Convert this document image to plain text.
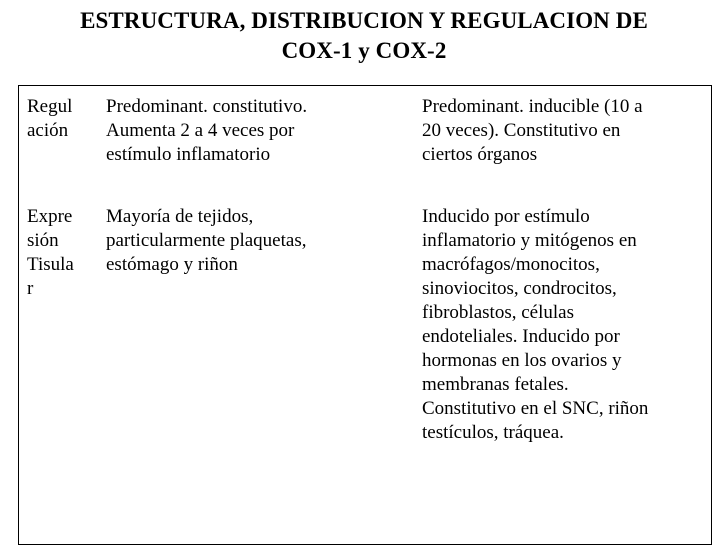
ESTRUCTURA, DISTRIBUCION Y REGULACION DE
COX-1 y COX-2
Regul
ación
Predominant. constitutivo.
Aumenta 2 a 4 veces por
estímulo inflamatorio
Predominant. inducible (10 a
20 veces). Constitutivo en
ciertos órganos
Expre
sión
Tisula
r
Mayoría de tejidos,
particularmente plaquetas,
estómago y riñon
Inducido por estímulo
inflamatorio y mitógenos en
macrófagos/monocitos,
sinoviocitos, condrocitos,
fibroblastos, células
endoteliales. Inducido por
hormonas en los ovarios y
membranas fetales.
Constitutivo en el SNC, riñon
testículos, tráquea.
